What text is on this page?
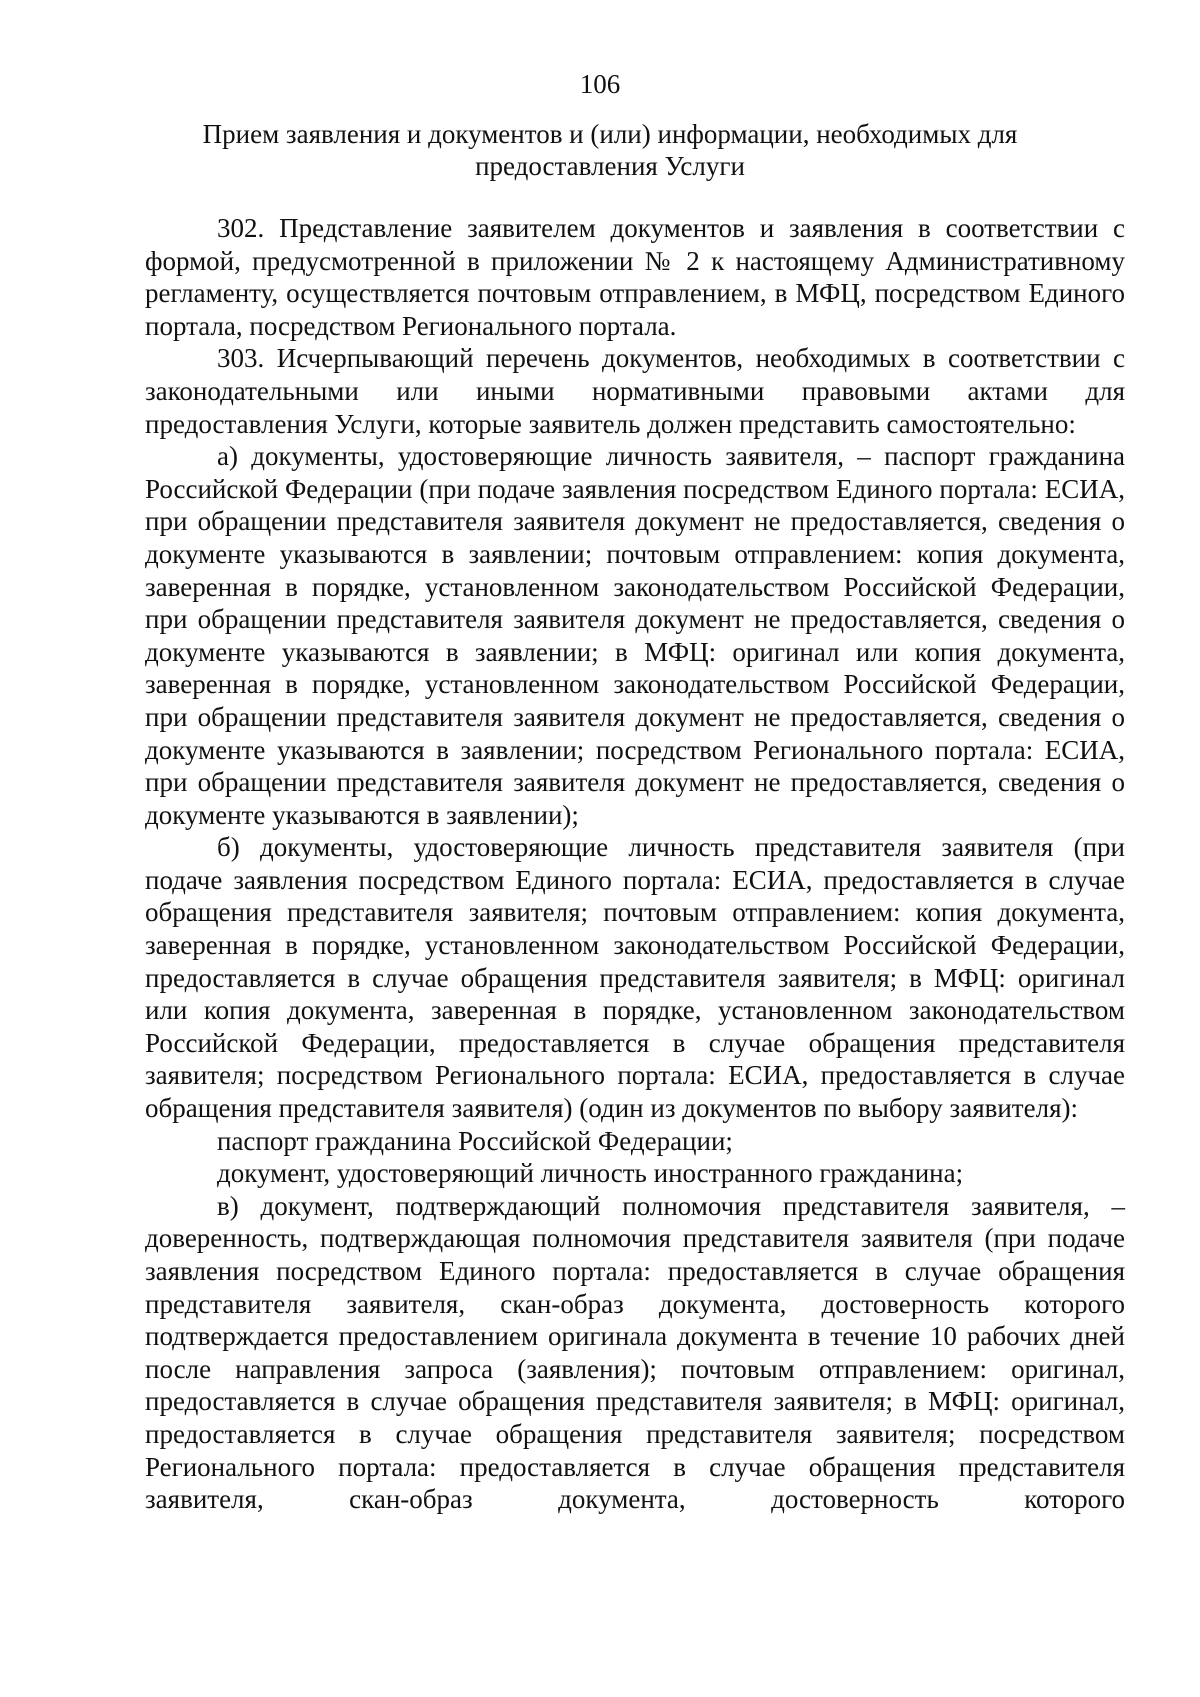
106
Прием заявления и документов и (или) информации, необходимых для предоставления Услуги

302. Представление заявителем документов и заявления в соответствии с формой, предусмотренной в приложении № 2 к настоящему Административному регламенту, осуществляется почтовым отправлением, в МФЦ, посредством Единого портала, посредством Регионального портала.

303. Исчерпывающий перечень документов, необходимых в соответствии с законодательными или иными нормативными правовыми актами для предоставления Услуги, которые заявитель должен представить самостоятельно:

а) документы, удостоверяющие личность заявителя, – паспорт гражданина Российской Федерации (при подаче заявления посредством Единого портала: ЕСИА, при обращении представителя заявителя документ не предоставляется, сведения о документе указываются в заявлении; почтовым отправлением: копия документа, заверенная в порядке, установленном законодательством Российской Федерации, при обращении представителя заявителя документ не предоставляется, сведения о документе указываются в заявлении; в МФЦ: оригинал или копия документа, заверенная в порядке, установленном законодательством Российской Федерации, при обращении представителя заявителя документ не предоставляется, сведения о документе указываются в заявлении; посредством Регионального портала: ЕСИА, при обращении представителя заявителя документ не предоставляется, сведения о документе указываются в заявлении);

б) документы, удостоверяющие личность представителя заявителя (при подаче заявления посредством Единого портала: ЕСИА, предоставляется в случае обращения представителя заявителя; почтовым отправлением: копия документа, заверенная в порядке, установленном законодательством Российской Федерации, предоставляется в случае обращения представителя заявителя; в МФЦ: оригинал или копия документа, заверенная в порядке, установленном законодательством Российской Федерации, предоставляется в случае обращения представителя заявителя; посредством Регионального портала: ЕСИА, предоставляется в случае обращения представителя заявителя) (один из документов по выбору заявителя):

паспорт гражданина Российской Федерации;

документ, удостоверяющий личность иностранного гражданина;

в) документ, подтверждающий полномочия представителя заявителя, – доверенность, подтверждающая полномочия представителя заявителя (при подаче заявления посредством Единого портала: предоставляется в случае обращения представителя заявителя, скан-образ документа, достоверность которого подтверждается предоставлением оригинала документа в течение 10 рабочих дней после направления запроса (заявления); почтовым отправлением: оригинал, предоставляется в случае обращения представителя заявителя; в МФЦ: оригинал, предоставляется в случае обращения представителя заявителя; посредством Регионального портала: предоставляется в случае обращения представителя заявителя, скан-образ документа, достоверность которого
